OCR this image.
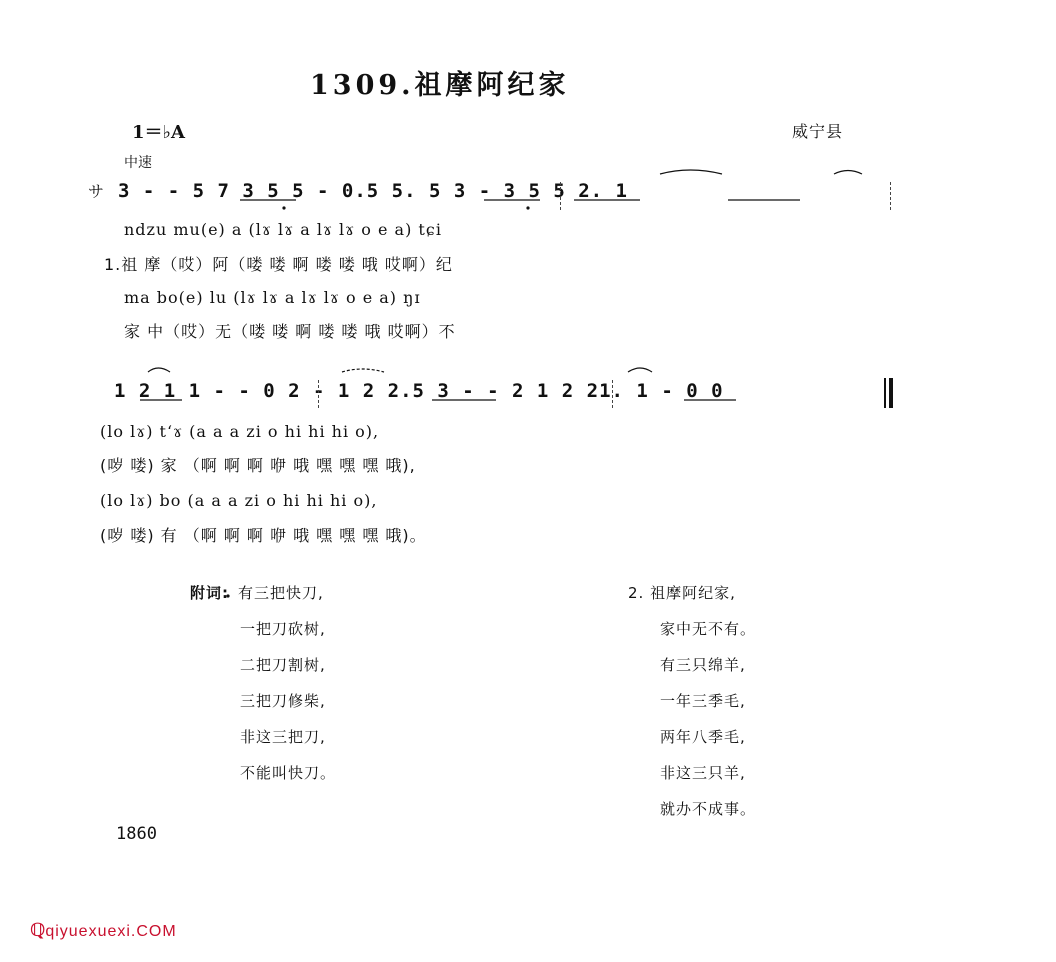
1309.祖摩阿纪家
1＝♭A	威宁县
中速
サ 3 - - 5 7 3 5 5 - 0.5 5. 5 3 - 3 5 5 2. 1
ndzu mu(e) a (lɤ lɤ a lɤ lɤ o e a) tɕi
1.祖 摩（哎）阿（喽 喽 啊 喽 喽 哦 哎啊）纪
ma bo(e) lu (lɤ lɤ a lɤ lɤ o e a) ŋɪ
家 中（哎）无（喽 喽 啊 喽 喽 哦 哎啊）不
1 2 1 1 - - 0 2 - 1 2 2.5 3 - - 2 1 2 21. 1 - 0 0
(lo lɤ) tʻɤ (a a a zi o hi hi hi o),
(哕 喽) 家 （啊 啊 啊 咿 哦 嘿 嘿 嘿 哦),
(lo lɤ) bo (a a a zi o hi hi hi o),
(哕 喽) 有 （啊 啊 啊 咿 哦 嘿 嘿 嘿 哦)。
附词: 有三把快刀,
一把刀砍树,
二把刀割树,
三把刀修柴,
非这三把刀,
不能叫快刀。
2. 祖摩阿纪家,
家中无不有。
有三只绵羊,
一年三季毛,
两年八季毛,
非这三只羊,
就办不成事。
1860
ℚqiyuexuexi.COM
